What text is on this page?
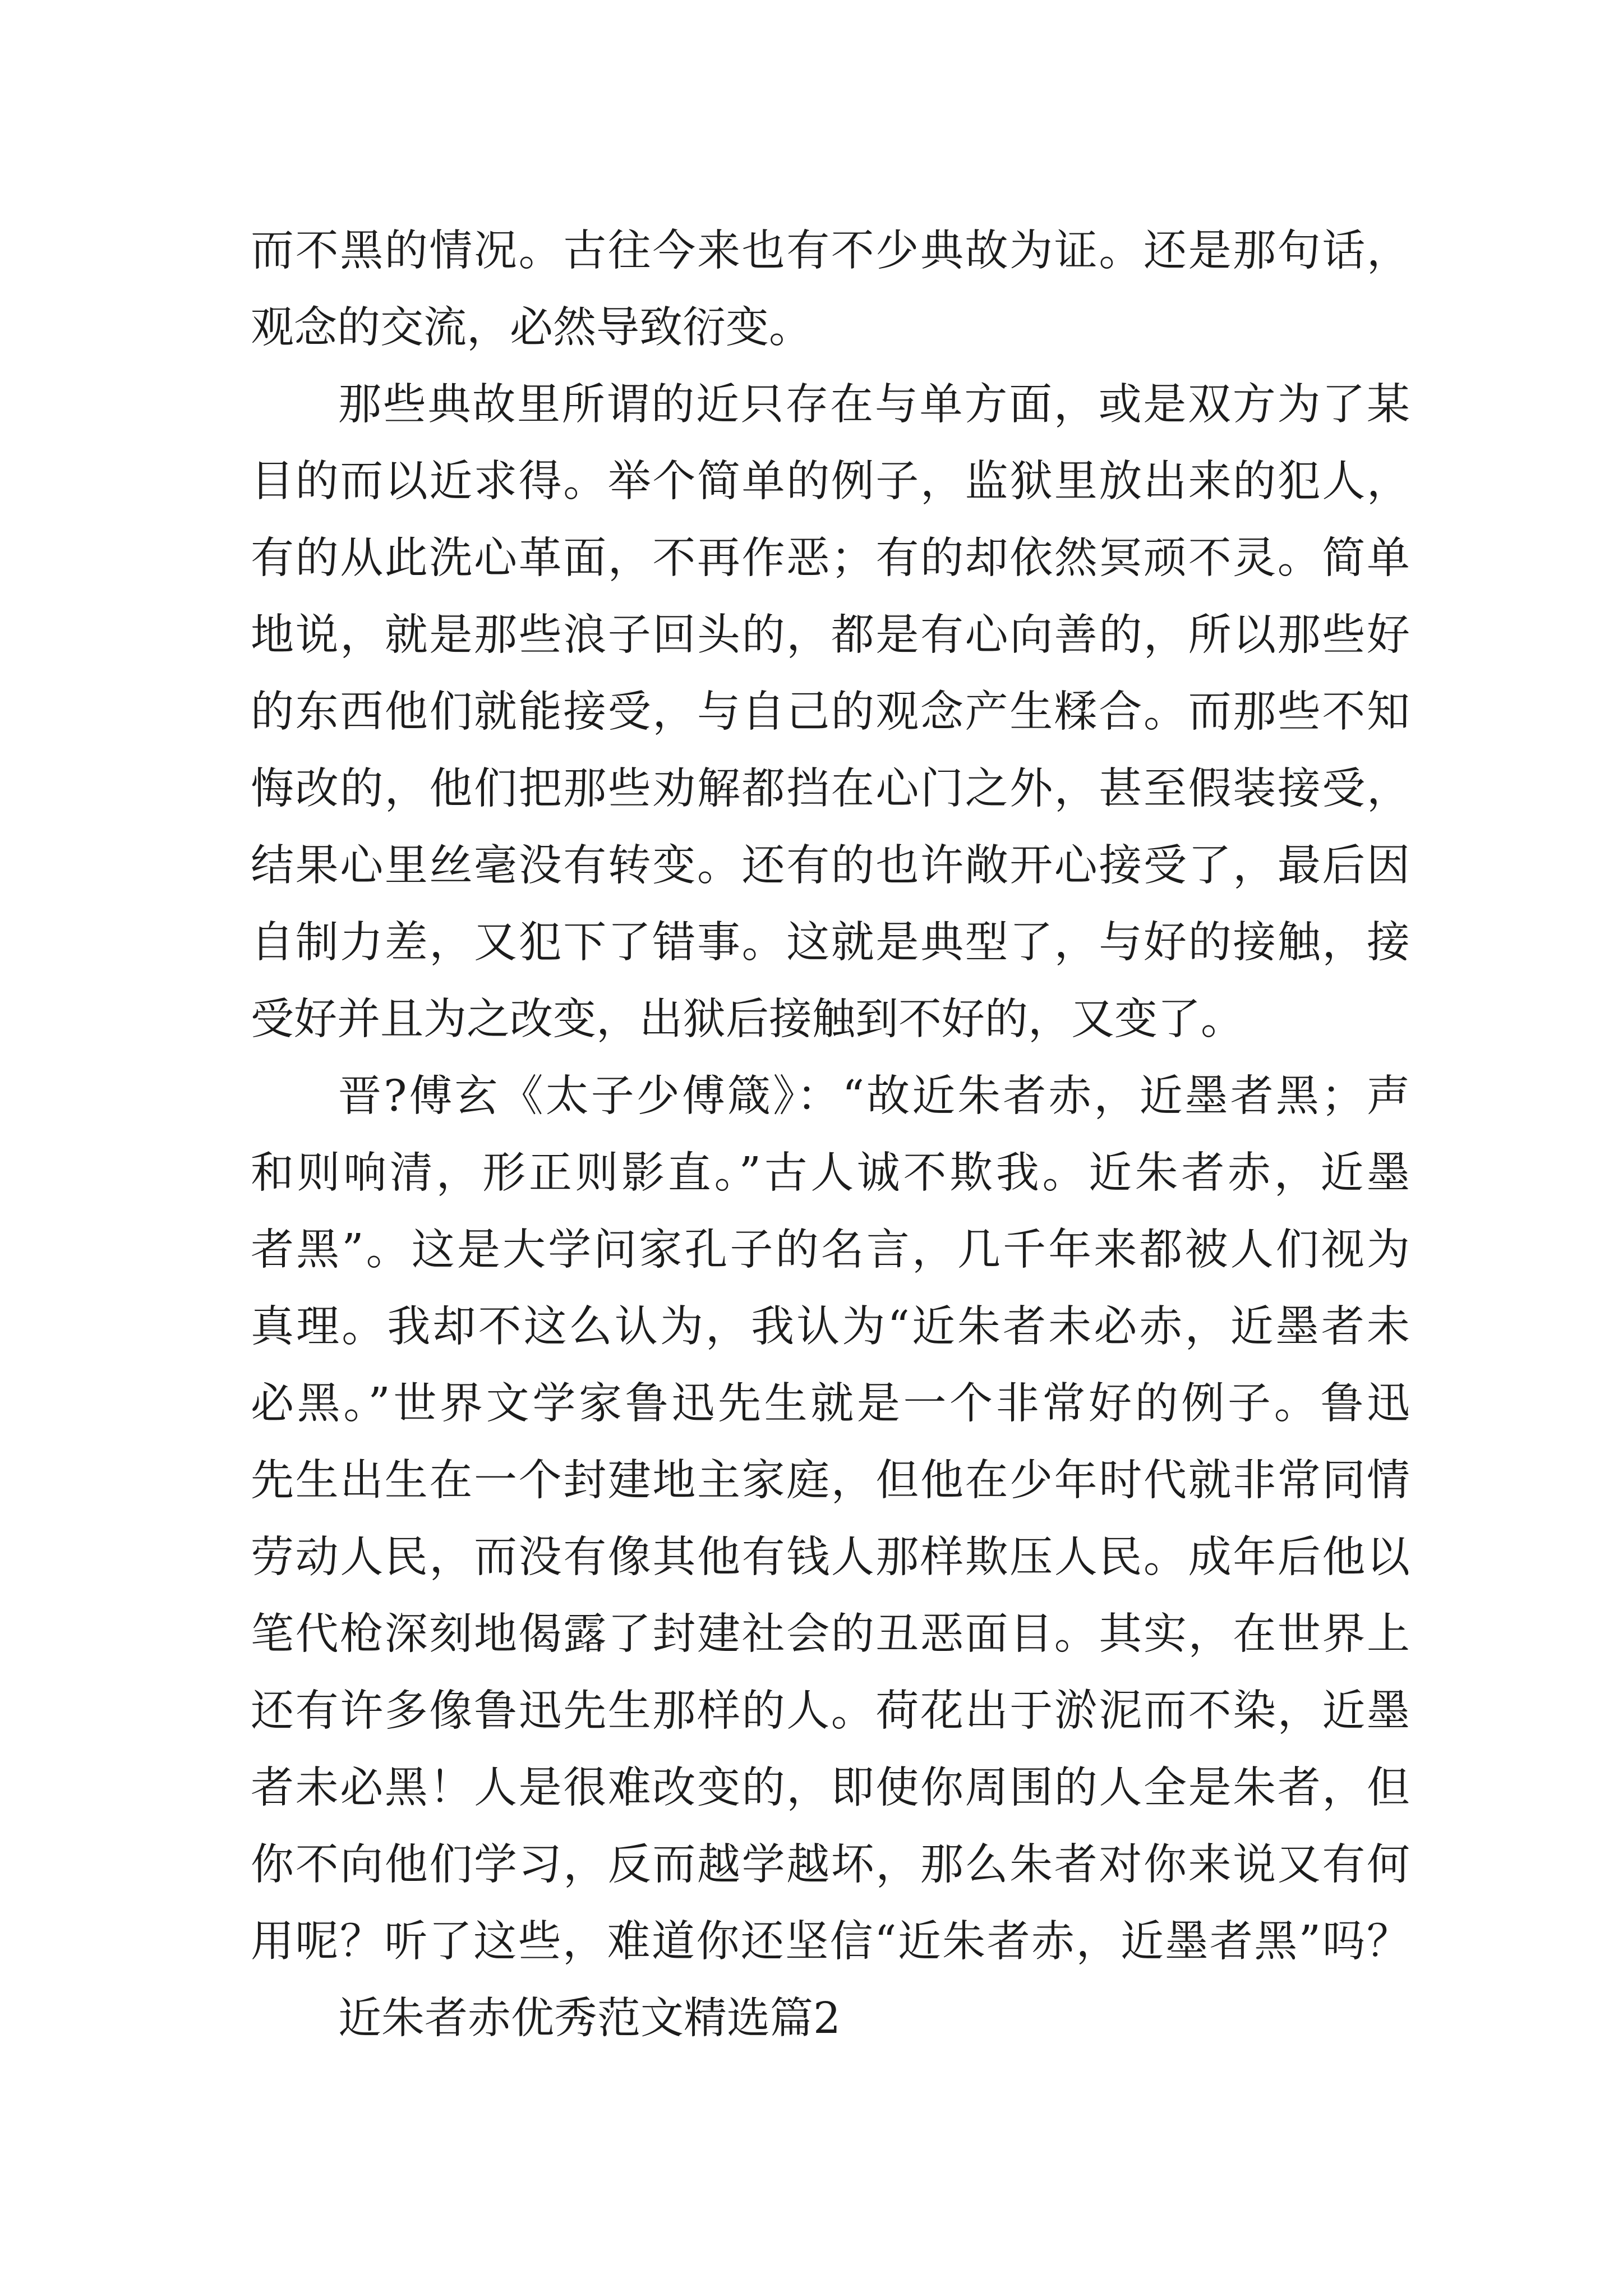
而不黑的情况。古往今来也有不少典故为证。还是那句话，
观念的交流，必然导致衍变。
那些典故里所谓的近只存在与单方面，或是双方为了某
目的而以近求得。举个简单的例子，监狱里放出来的犯人，
有的从此洗心革面，不再作恶；有的却依然冥顽不灵。简单
地说，就是那些浪子回头的，都是有心向善的，所以那些好
的东西他们就能接受，与自己的观念产生糅合。而那些不知
悔改的，他们把那些劝解都挡在心门之外，甚至假装接受，
结果心里丝毫没有转变。还有的也许敞开心接受了，最后因
自制力差，又犯下了错事。这就是典型了，与好的接触，接
受好并且为之改变，出狱后接触到不好的，又变了。
晋?傅玄《太子少傅箴》：“故近朱者赤，近墨者黑；声
和则响清，形正则影直。”古人诚不欺我。近朱者赤，近墨
者黑”。这是大学问家孔子的名言，几千年来都被人们视为
真理。我却不这么认为，我认为“近朱者未必赤，近墨者未
必黑。”世界文学家鲁迅先生就是一个非常好的例子。鲁迅
先生出生在一个封建地主家庭，但他在少年时代就非常同情
劳动人民，而没有像其他有钱人那样欺压人民。成年后他以
笔代枪深刻地偈露了封建社会的丑恶面目。其实，在世界上
还有许多像鲁迅先生那样的人。荷花出于淤泥而不染，近墨
者未必黑！人是很难改变的，即使你周围的人全是朱者，但
你不向他们学习，反而越学越坏，那么朱者对你来说又有何
用呢？听了这些，难道你还坚信“近朱者赤，近墨者黑”吗？
近朱者赤优秀范文精选篇2
